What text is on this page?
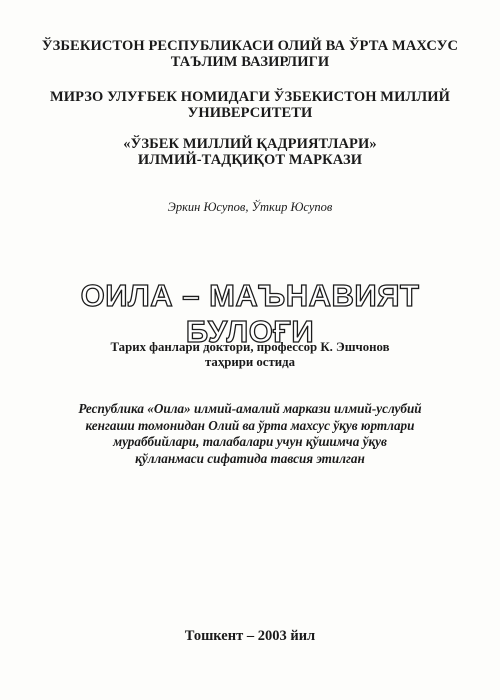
ЎЗБЕКИСТОН РЕСПУБЛИКАСИ ОЛИЙ ВА ЎРТА МАХСУС
ТАЪЛИМ ВАЗИРЛИГИ
МИРЗО УЛУҒБЕК НОМИДАГИ ЎЗБЕКИСТОН МИЛЛИЙ
УНИВЕРСИТЕТИ
«ЎЗБЕК МИЛЛИЙ ҚАДРИЯТЛАРИ»
ИЛМИЙ-ТАДҚИҚОТ МАРКАЗИ
Эркин Юсупов, Ўткир Юсупов
ОИЛА – МАЪНАВИЯТ БУЛОҒИ
Тарих фанлари доктори, профессор К. Эшчонов
таҳрири остида
Республика «Оила» илмий-амалий маркази илмий-услубий
кенгаши томонидан Олий ва ўрта махсус ўқув юртлари
мураббийлари, талабалари учун қўшимча ўқув
қўлланмаси сифатида тавсия этилган
Тошкент – 2003 йил
